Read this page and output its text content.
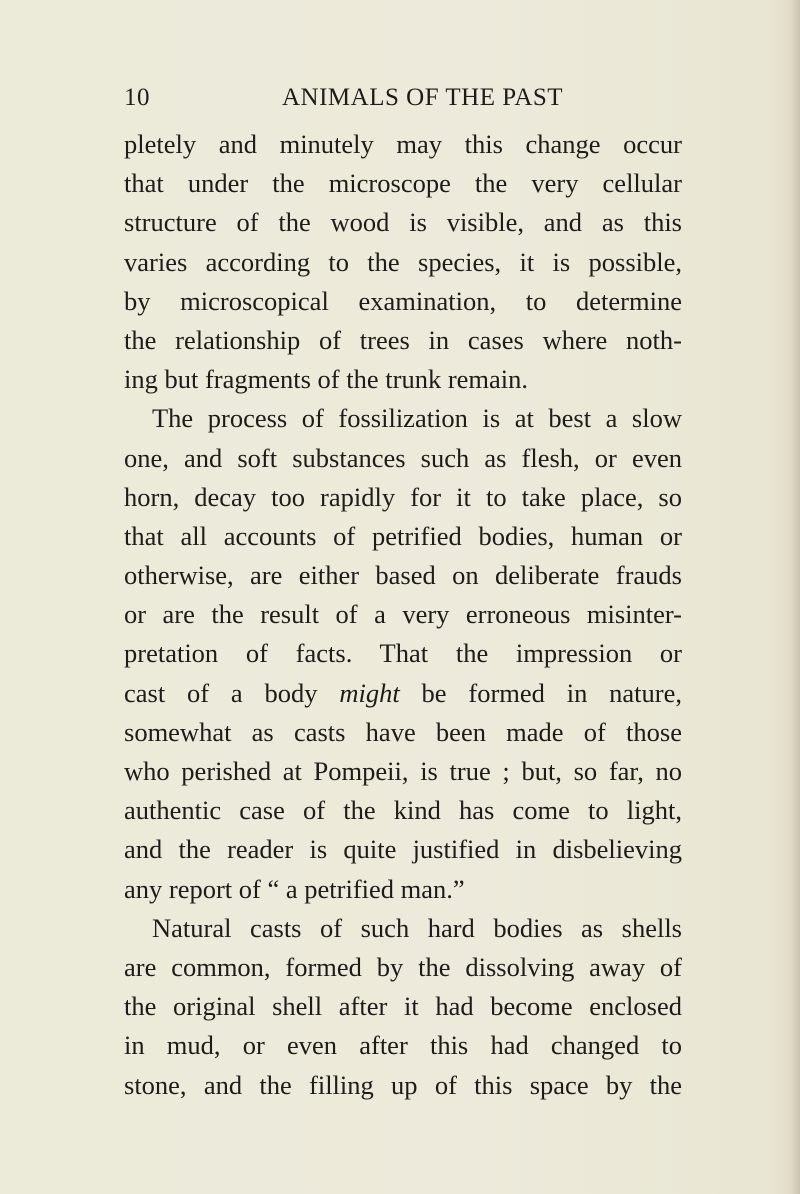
10	ANIMALS OF THE PAST
pletely and minutely may this change occur
that under the microscope the very cellular
structure of the wood is visible, and as this
varies according to the species, it is possible,
by microscopical examination, to determine
the relationship of trees in cases where noth-
ing but fragments of the trunk remain.
The process of fossilization is at best a slow
one, and soft substances such as flesh, or even
horn, decay too rapidly for it to take place, so
that all accounts of petrified bodies, human or
otherwise, are either based on deliberate frauds
or are the result of a very erroneous misinter-
pretation of facts. That the impression or
cast of a body might be formed in nature,
somewhat as casts have been made of those
who perished at Pompeii, is true ; but, so far, no
authentic case of the kind has come to light,
and the reader is quite justified in disbelieving
any report of “ a petrified man.”
Natural casts of such hard bodies as shells
are common, formed by the dissolving away of
the original shell after it had become enclosed
in mud, or even after this had changed to
stone, and the filling up of this space by the
